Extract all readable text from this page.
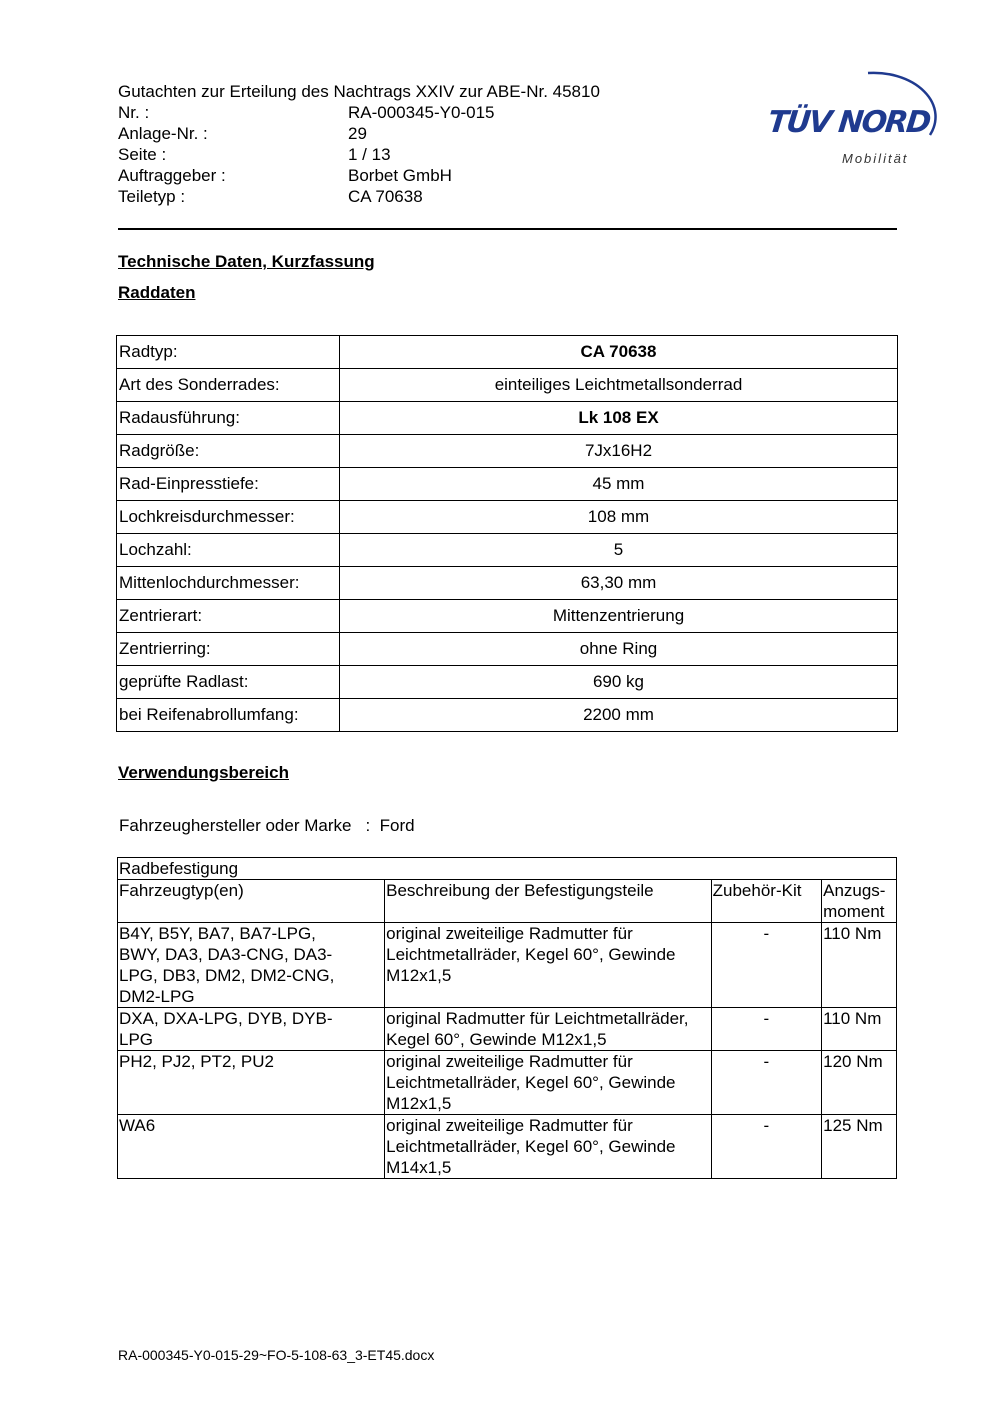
Gutachten zur Erteilung des Nachtrags XXIV zur ABE-Nr. 45810
Nr. :	RA-000345-Y0-015
Anlage-Nr. :	29
Seite :	1 / 13
Auftraggeber :	Borbet GmbH
Teiletyp :	CA 70638
TÜV NORD
Mobilität
Technische Daten, Kurzfassung
Raddaten
Radtyp:	CA 70638
Art des Sonderrades:	einteiliges Leichtmetallsonderrad
Radausführung:	Lk 108 EX
Radgröße:	7Jx16H2
Rad-Einpresstiefe:	45 mm
Lochkreisdurchmesser:	108 mm
Lochzahl:	5
Mittenlochdurchmesser:	63,30 mm
Zentrierart:	Mittenzentrierung
Zentrierring:	ohne Ring
geprüfte Radlast:	690 kg
bei Reifenabrollumfang:	2200 mm
Verwendungsbereich
Fahrzeughersteller oder Marke : Ford
Radbefestigung			
Fahrzeugtyp(en)	Beschreibung der Befestigungsteile	Zubehör-Kit	Anzugs-
moment
B4Y, B5Y, BA7, BA7-LPG,
BWY, DA3, DA3-CNG, DA3-
LPG, DB3, DM2, DM2-CNG,
DM2-LPG	original zweiteilige Radmutter für
Leichtmetallräder, Kegel 60°, Gewinde
M12x1,5	-	110 Nm
DXA, DXA-LPG, DYB, DYB-
LPG	original Radmutter für Leichtmetallräder,
Kegel 60°, Gewinde M12x1,5	-	110 Nm
PH2, PJ2, PT2, PU2	original zweiteilige Radmutter für
Leichtmetallräder, Kegel 60°, Gewinde
M12x1,5	-	120 Nm
WA6	original zweiteilige Radmutter für
Leichtmetallräder, Kegel 60°, Gewinde
M14x1,5	-	125 Nm
RA-000345-Y0-015-29~FO-5-108-63_3-ET45.docx
